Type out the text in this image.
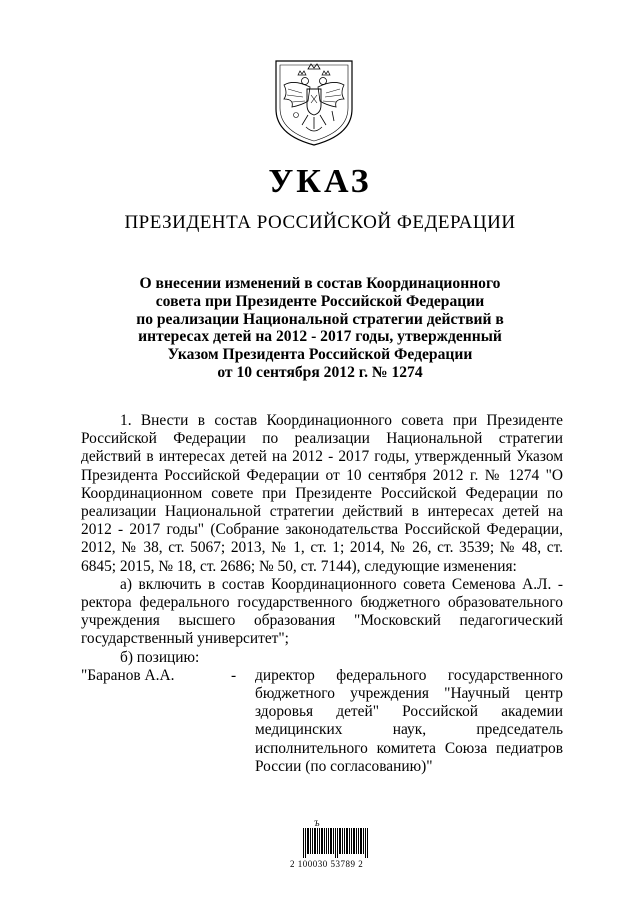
УКАЗ
ПРЕЗИДЕНТА РОССИЙСКОЙ ФЕДЕРАЦИИ
О внесении изменений в состав Координационного
совета при Президенте Российской Федерации
по реализации Национальной стратегии действий в
интересах детей на 2012 - 2017 годы, утвержденный
Указом Президента Российской Федерации
от 10 сентября 2012 г. № 1274

1. Внести в состав Координационного совета при Президенте Российской Федерации по реализации Национальной стратегии действий в интересах детей на 2012 - 2017 годы, утвержденный Указом Президента Российской Федерации от 10 сентября 2012 г. № 1274 "О Координационном совете при Президенте Российской Федерации по реализации Национальной стратегии действий в интересах детей на 2012 - 2017 годы" (Собрание законодательства Российской Федерации, 2012, № 38, ст. 5067; 2013, № 1, ст. 1; 2014, № 26, ст. 3539; № 48, ст. 6845; 2015, № 18, ст. 2686; № 50, ст. 7144), следующие изменения:

а) включить в состав Координационного совета Семенова А.Л. - ректора федерального государственного бюджетного образовательного учреждения высшего образования "Московский педагогический государственный университет";

б) позицию:

"Баранов А.А.	- директор федерального государственного бюджетного учреждения "Научный центр здоровья детей" Российской академии медицинских наук, председатель исполнительного комитета Союза педиатров России (по согласованию)"
Ъ
2 100030 53789 2
